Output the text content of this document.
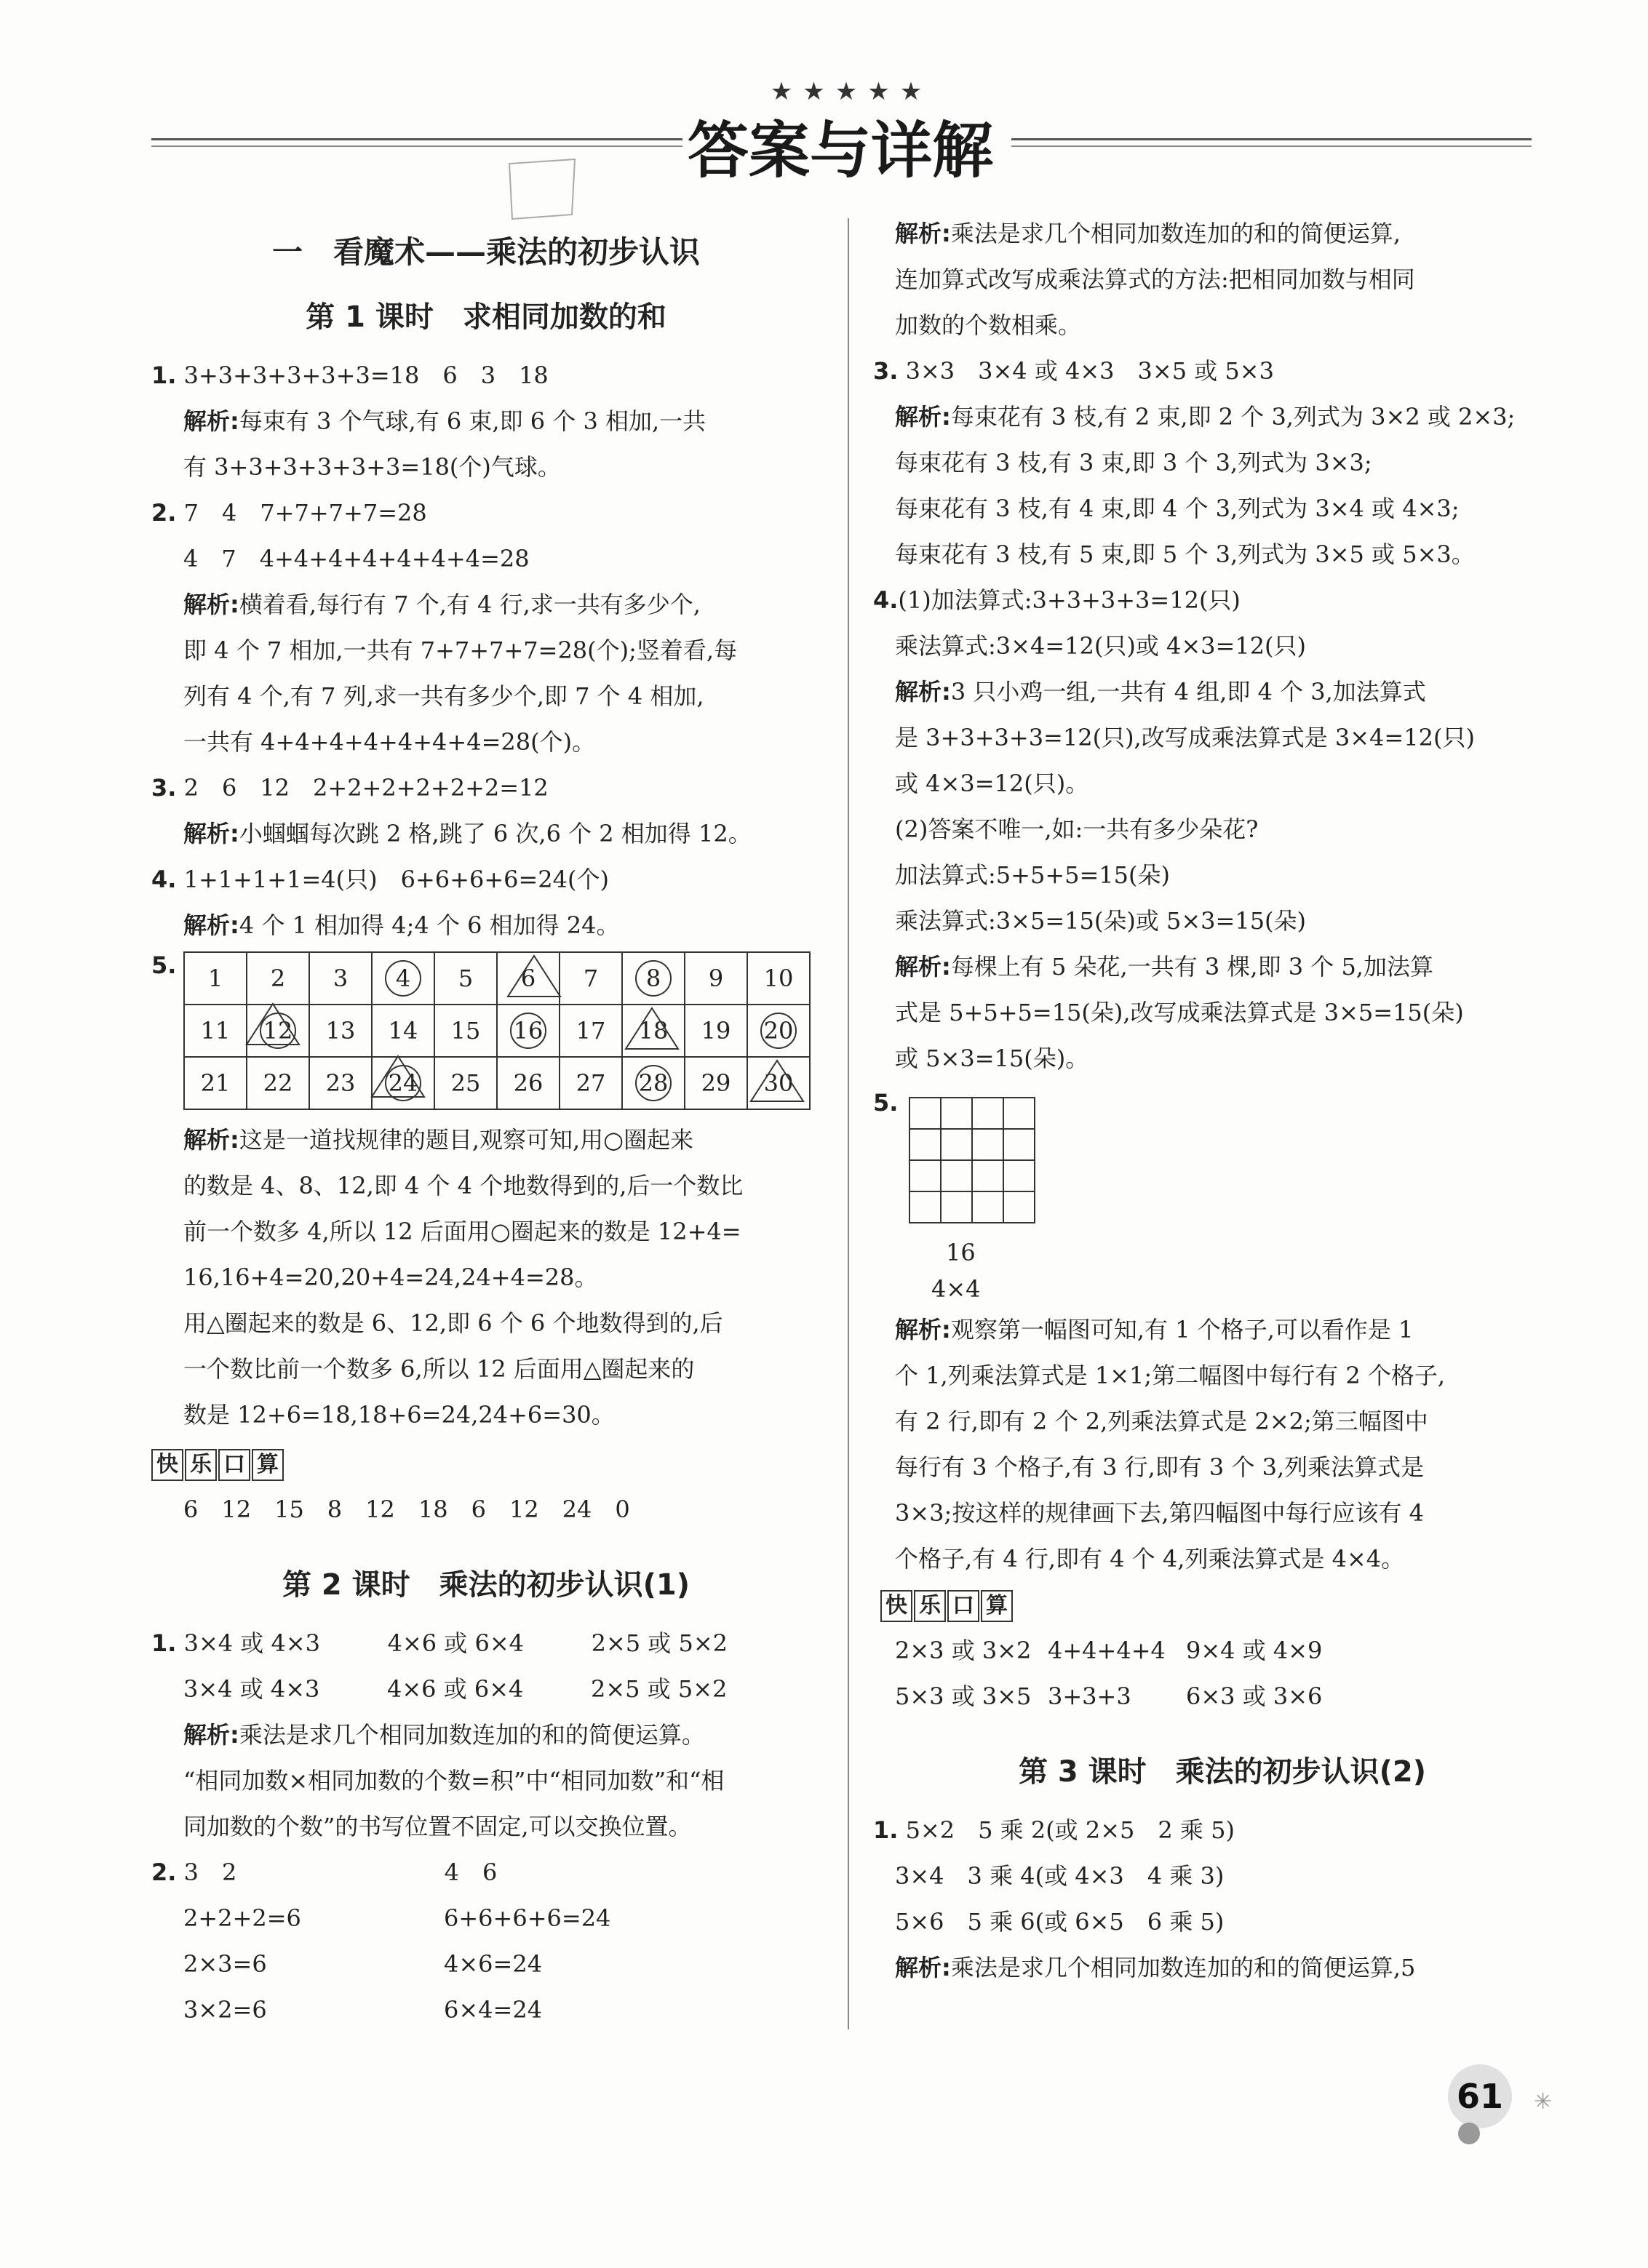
★★★★★
答案与详解
一　看魔术——乘法的初步认识
第 1 课时　求相同加数的和
1. 3+3+3+3+3+3=18　6　3　18
解析:每束有 3 个气球,有 6 束,即 6 个 3 相加,一共
有 3+3+3+3+3+3=18(个)气球。
2. 7　4　7+7+7+7=28
4　7　4+4+4+4+4+4+4=28
解析:横着看,每行有 7 个,有 4 行,求一共有多少个,
即 4 个 7 相加,一共有 7+7+7+7=28(个);竖着看,每
列有 4 个,有 7 列,求一共有多少个,即 7 个 4 相加,
一共有 4+4+4+4+4+4+4=28(个)。
3. 2　6　12　2+2+2+2+2+2=12
解析:小蝈蝈每次跳 2 格,跳了 6 次,6 个 2 相加得 12。
4. 1+1+1+1=4(只)　6+6+6+6=24(个)
解析:4 个 1 相加得 4;4 个 6 相加得 24。
5. 1	2	3	4	5	6	7	8	9	10
11	12	13	14	15	16	17	18	19	20
21	22	23	24	25	26	27	28	29	30
解析:这是一道找规律的题目,观察可知,用○圈起来
的数是 4、8、12,即 4 个 4 个地数得到的,后一个数比
前一个数多 4,所以 12 后面用○圈起来的数是 12+4=
16,16+4=20,20+4=24,24+4=28。
用△圈起来的数是 6、12,即 6 个 6 个地数得到的,后
一个数比前一个数多 6,所以 12 后面用△圈起来的
数是 12+6=18,18+6=24,24+6=30。
快 乐 口 算
6　12　15　8　12　18　6　12　24　0
第 2 课时　乘法的初步认识(1)
1. 3×4 或 4×3	4×6 或 6×4	2×5 或 5×2
3×4 或 4×3	4×6 或 6×4	2×5 或 5×2
解析:乘法是求几个相同加数连加的和的简便运算。
“相同加数×相同加数的个数=积”中“相同加数”和“相
同加数的个数”的书写位置不固定,可以交换位置。
2. 3　2	4　6
2+2+2=6	6+6+6+6=24
2×3=6	4×6=24
3×2=6	6×4=24
解析:乘法是求几个相同加数连加的和的简便运算,
连加算式改写成乘法算式的方法:把相同加数与相同
加数的个数相乘。
3. 3×3　3×4 或 4×3　3×5 或 5×3
解析:每束花有 3 枝,有 2 束,即 2 个 3,列式为 3×2 或 2×3;
每束花有 3 枝,有 3 束,即 3 个 3,列式为 3×3;
每束花有 3 枝,有 4 束,即 4 个 3,列式为 3×4 或 4×3;
每束花有 3 枝,有 5 束,即 5 个 3,列式为 3×5 或 5×3。
4.(1)加法算式:3+3+3+3=12(只)
乘法算式:3×4=12(只)或 4×3=12(只)
解析:3 只小鸡一组,一共有 4 组,即 4 个 3,加法算式
是 3+3+3+3=12(只),改写成乘法算式是 3×4=12(只)
或 4×3=12(只)。
(2)答案不唯一,如:一共有多少朵花?
加法算式:5+5+5=15(朵)
乘法算式:3×5=15(朵)或 5×3=15(朵)
解析:每棵上有 5 朵花,一共有 3 棵,即 3 个 5,加法算
式是 5+5+5=15(朵),改写成乘法算式是 3×5=15(朵)
或 5×3=15(朵)。
5.
16
4×4
解析:观察第一幅图可知,有 1 个格子,可以看作是 1
个 1,列乘法算式是 1×1;第二幅图中每行有 2 个格子,
有 2 行,即有 2 个 2,列乘法算式是 2×2;第三幅图中
每行有 3 个格子,有 3 行,即有 3 个 3,列乘法算式是
3×3;按这样的规律画下去,第四幅图中每行应该有 4
个格子,有 4 行,即有 4 个 4,列乘法算式是 4×4。
快 乐 口 算
2×3 或 3×2 4+4+4+4 9×4 或 4×9
5×3 或 3×5 3+3+3 6×3 或 3×6
第 3 课时　乘法的初步认识(2)
1. 5×2　5 乘 2(或 2×5　2 乘 5)
3×4　3 乘 4(或 4×3　4 乘 3)
5×6　5 乘 6(或 6×5　6 乘 5)
解析:乘法是求几个相同加数连加的和的简便运算,5
61	✳
